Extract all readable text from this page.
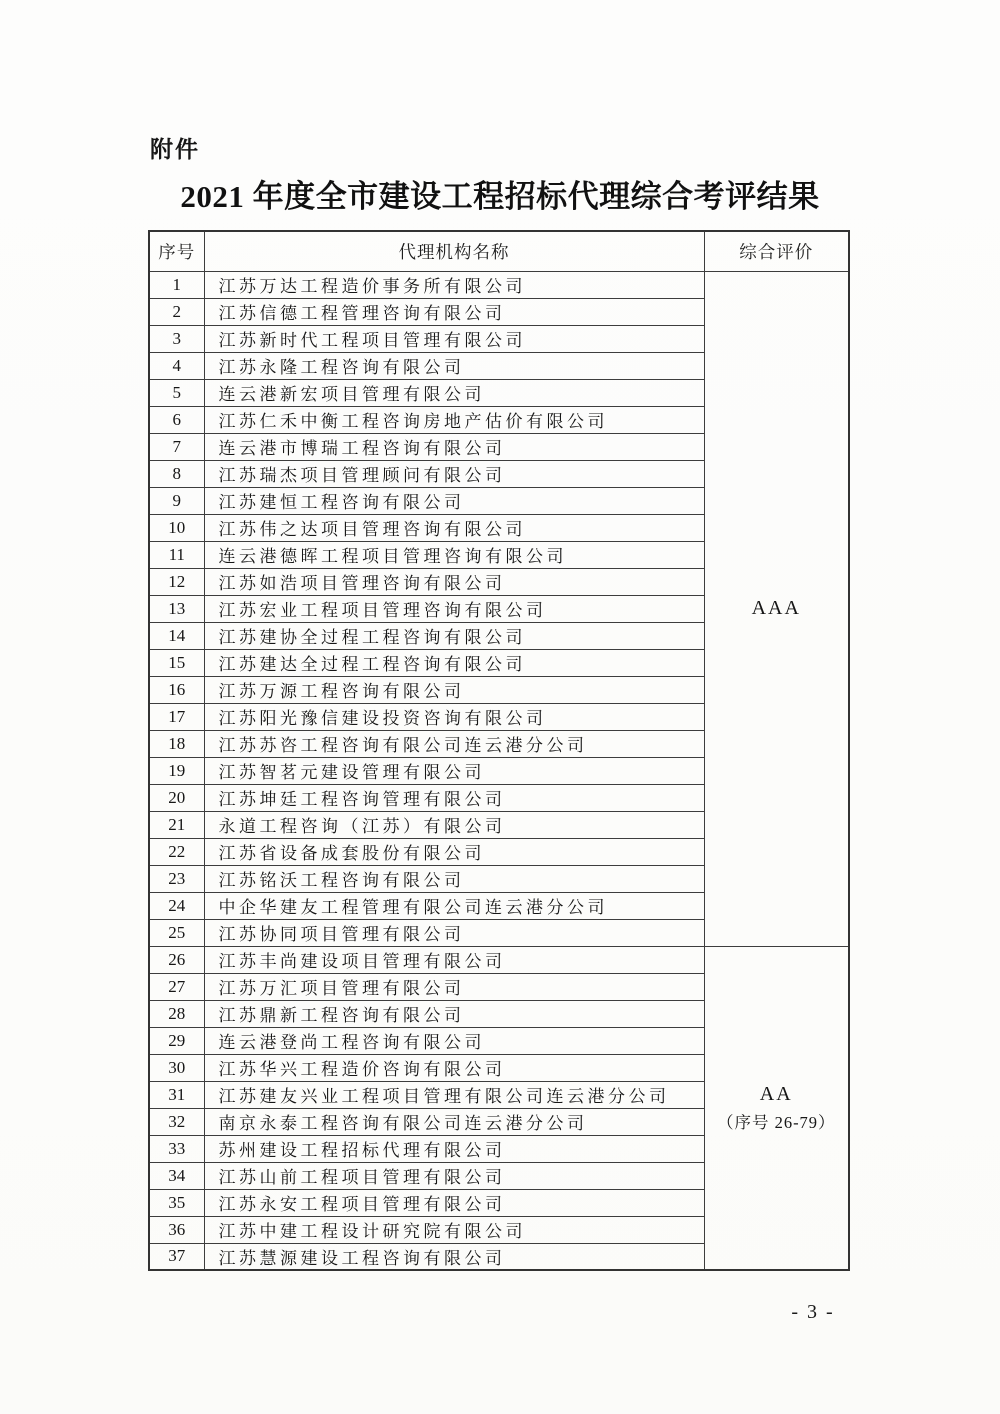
附件
2021 年度全市建设工程招标代理综合考评结果
序号	代理机构名称	综合评价
1	江苏万达工程造价事务所有限公司	AAA

2	江苏信德工程管理咨询有限公司	
3	江苏新时代工程项目管理有限公司	
4	江苏永隆工程咨询有限公司	
5	连云港新宏项目管理有限公司	
6	江苏仁禾中衡工程咨询房地产估价有限公司	
7	连云港市博瑞工程咨询有限公司	
8	江苏瑞杰项目管理顾问有限公司	
9	江苏建恒工程咨询有限公司	
10	江苏伟之达项目管理咨询有限公司	
11	连云港德晖工程项目管理咨询有限公司	
12	江苏如浩项目管理咨询有限公司	
13	江苏宏业工程项目管理咨询有限公司	
14	江苏建协全过程工程咨询有限公司	
15	江苏建达全过程工程咨询有限公司	
16	江苏万源工程咨询有限公司	
17	江苏阳光豫信建设投资咨询有限公司	
18	江苏苏咨工程咨询有限公司连云港分公司	
19	江苏智茗元建设管理有限公司	
20	江苏坤廷工程咨询管理有限公司	
21	永道工程咨询（江苏）有限公司	
22	江苏省设备成套股份有限公司	
23	江苏铭沃工程咨询有限公司	
24	中企华建友工程管理有限公司连云港分公司	
25	江苏协同项目管理有限公司	
26	江苏丰尚建设项目管理有限公司	AA
（序号 26-79）

27	江苏万汇项目管理有限公司	
28	江苏鼎新工程咨询有限公司	
29	连云港登尚工程咨询有限公司	
30	江苏华兴工程造价咨询有限公司	
31	江苏建友兴业工程项目管理有限公司连云港分公司	
32	南京永泰工程咨询有限公司连云港分公司	
33	苏州建设工程招标代理有限公司	
34	江苏山前工程项目管理有限公司	
35	江苏永安工程项目管理有限公司	
36	江苏中建工程设计研究院有限公司	
37	江苏慧源建设工程咨询有限公司	
- 3 -
